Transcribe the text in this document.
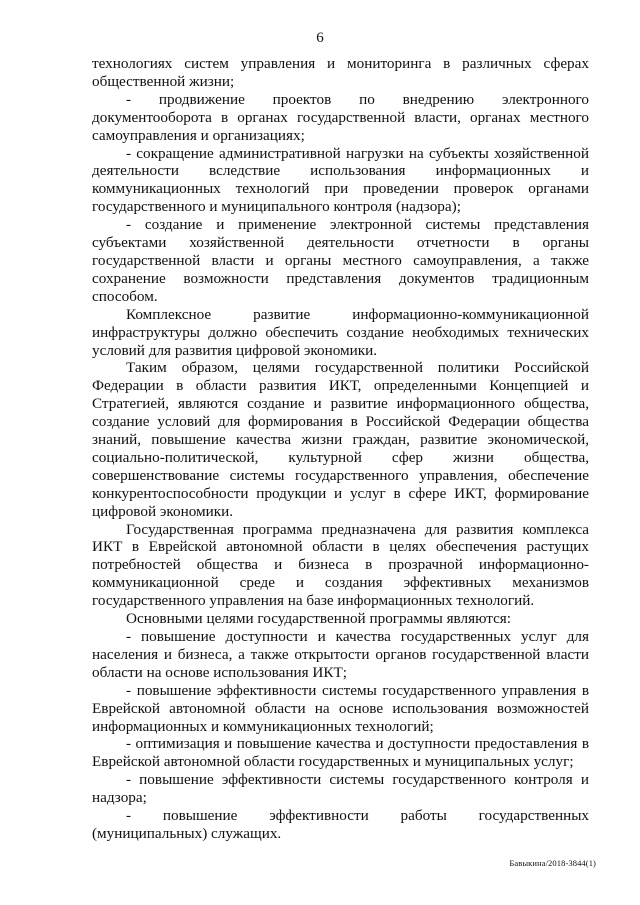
6

технологиях систем управления и мониторинга в различных сферах общественной жизни;

- продвижение проектов по внедрению электронного документооборота в органах государственной власти, органах местного самоуправления и организациях;

- сокращение административной нагрузки на субъекты хозяйственной деятельности вследствие использования информационных и коммуникационных технологий при проведении проверок органами государственного и муниципального контроля (надзора);

- создание и применение электронной системы представления субъектами хозяйственной деятельности отчетности в органы государственной власти и органы местного самоуправления, а также сохранение возможности представления документов традиционным способом.

Комплексное развитие информационно-коммуникационной инфраструктуры должно обеспечить создание необходимых технических условий для развития цифровой экономики.

Таким образом, целями государственной политики Российской Федерации в области развития ИКТ, определенными Концепцией и Стратегией, являются создание и развитие информационного общества, создание условий для формирования в Российской Федерации общества знаний, повышение качества жизни граждан, развитие экономической, социально-политической, культурной сфер жизни общества, совершенствование системы государственного управления, обеспечение конкурентоспособности продукции и услуг в сфере ИКТ, формирование цифровой экономики.

Государственная программа предназначена для развития комплекса ИКТ в Еврейской автономной области в целях обеспечения растущих потребностей общества и бизнеса в прозрачной информационно-коммуникационной среде и создания эффективных механизмов государственного управления на базе информационных технологий.

Основными целями государственной программы являются:

- повышение доступности и качества государственных услуг для населения и бизнеса, а также открытости органов государственной власти области на основе использования ИКТ;

- повышение эффективности системы государственного управления в Еврейской автономной области на основе использования возможностей информационных и коммуникационных технологий;

- оптимизация и повышение качества и доступности предоставления в Еврейской автономной области государственных и муниципальных услуг;

- повышение эффективности системы государственного контроля и надзора;

- повышение эффективности работы государственных (муниципальных) служащих.

Бавыкина/2018-3844(1)
